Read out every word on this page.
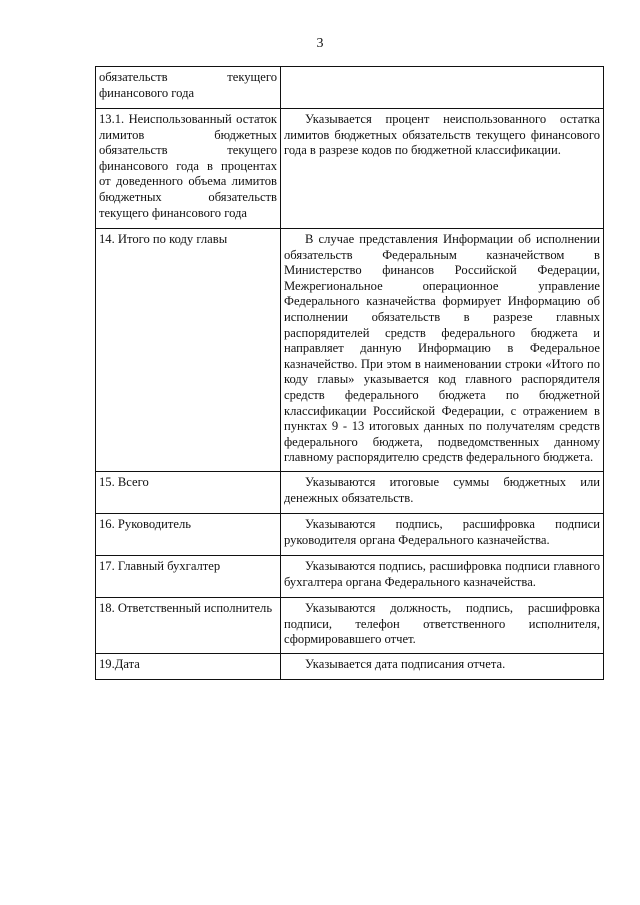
3
обязательств текущего финансового года	
13.1. Неиспользованный остаток лимитов бюджетных обязательств текущего финансового года в процентах от доведенного объема лимитов бюджетных обязательств текущего финансового года	Указывается процент неиспользованного остатка лимитов бюджетных обязательств текущего финансового года в разрезе кодов по бюджетной классификации.
14. Итого по коду главы	В случае представления Информации об исполнении обязательств Федеральным казначейством в Министерство финансов Российской Федерации, Межрегиональное операционное управление Федерального казначейства формирует Информацию об исполнении обязательств в разрезе главных распорядителей средств федерального бюджета и направляет данную Информацию в Федеральное казначейство. При этом в наименовании строки «Итого по коду главы» указывается код главного распорядителя средств федерального бюджета по бюджетной классификации Российской Федерации, с отражением в пунктах 9 - 13 итоговых данных по получателям средств федерального бюджета, подведомственных данному главному распорядителю средств федерального бюджета.
15. Всего	Указываются итоговые суммы бюджетных или денежных обязательств.
16. Руководитель	Указываются подпись, расшифровка подписи руководителя органа Федерального казначейства.
17. Главный бухгалтер	Указываются подпись, расшифровка подписи главного бухгалтера органа Федерального казначейства.
18. Ответственный исполнитель	Указываются должность, подпись, расшифровка подписи, телефон ответственного исполнителя, сформировавшего отчет.
19.Дата	Указывается дата подписания отчета.
